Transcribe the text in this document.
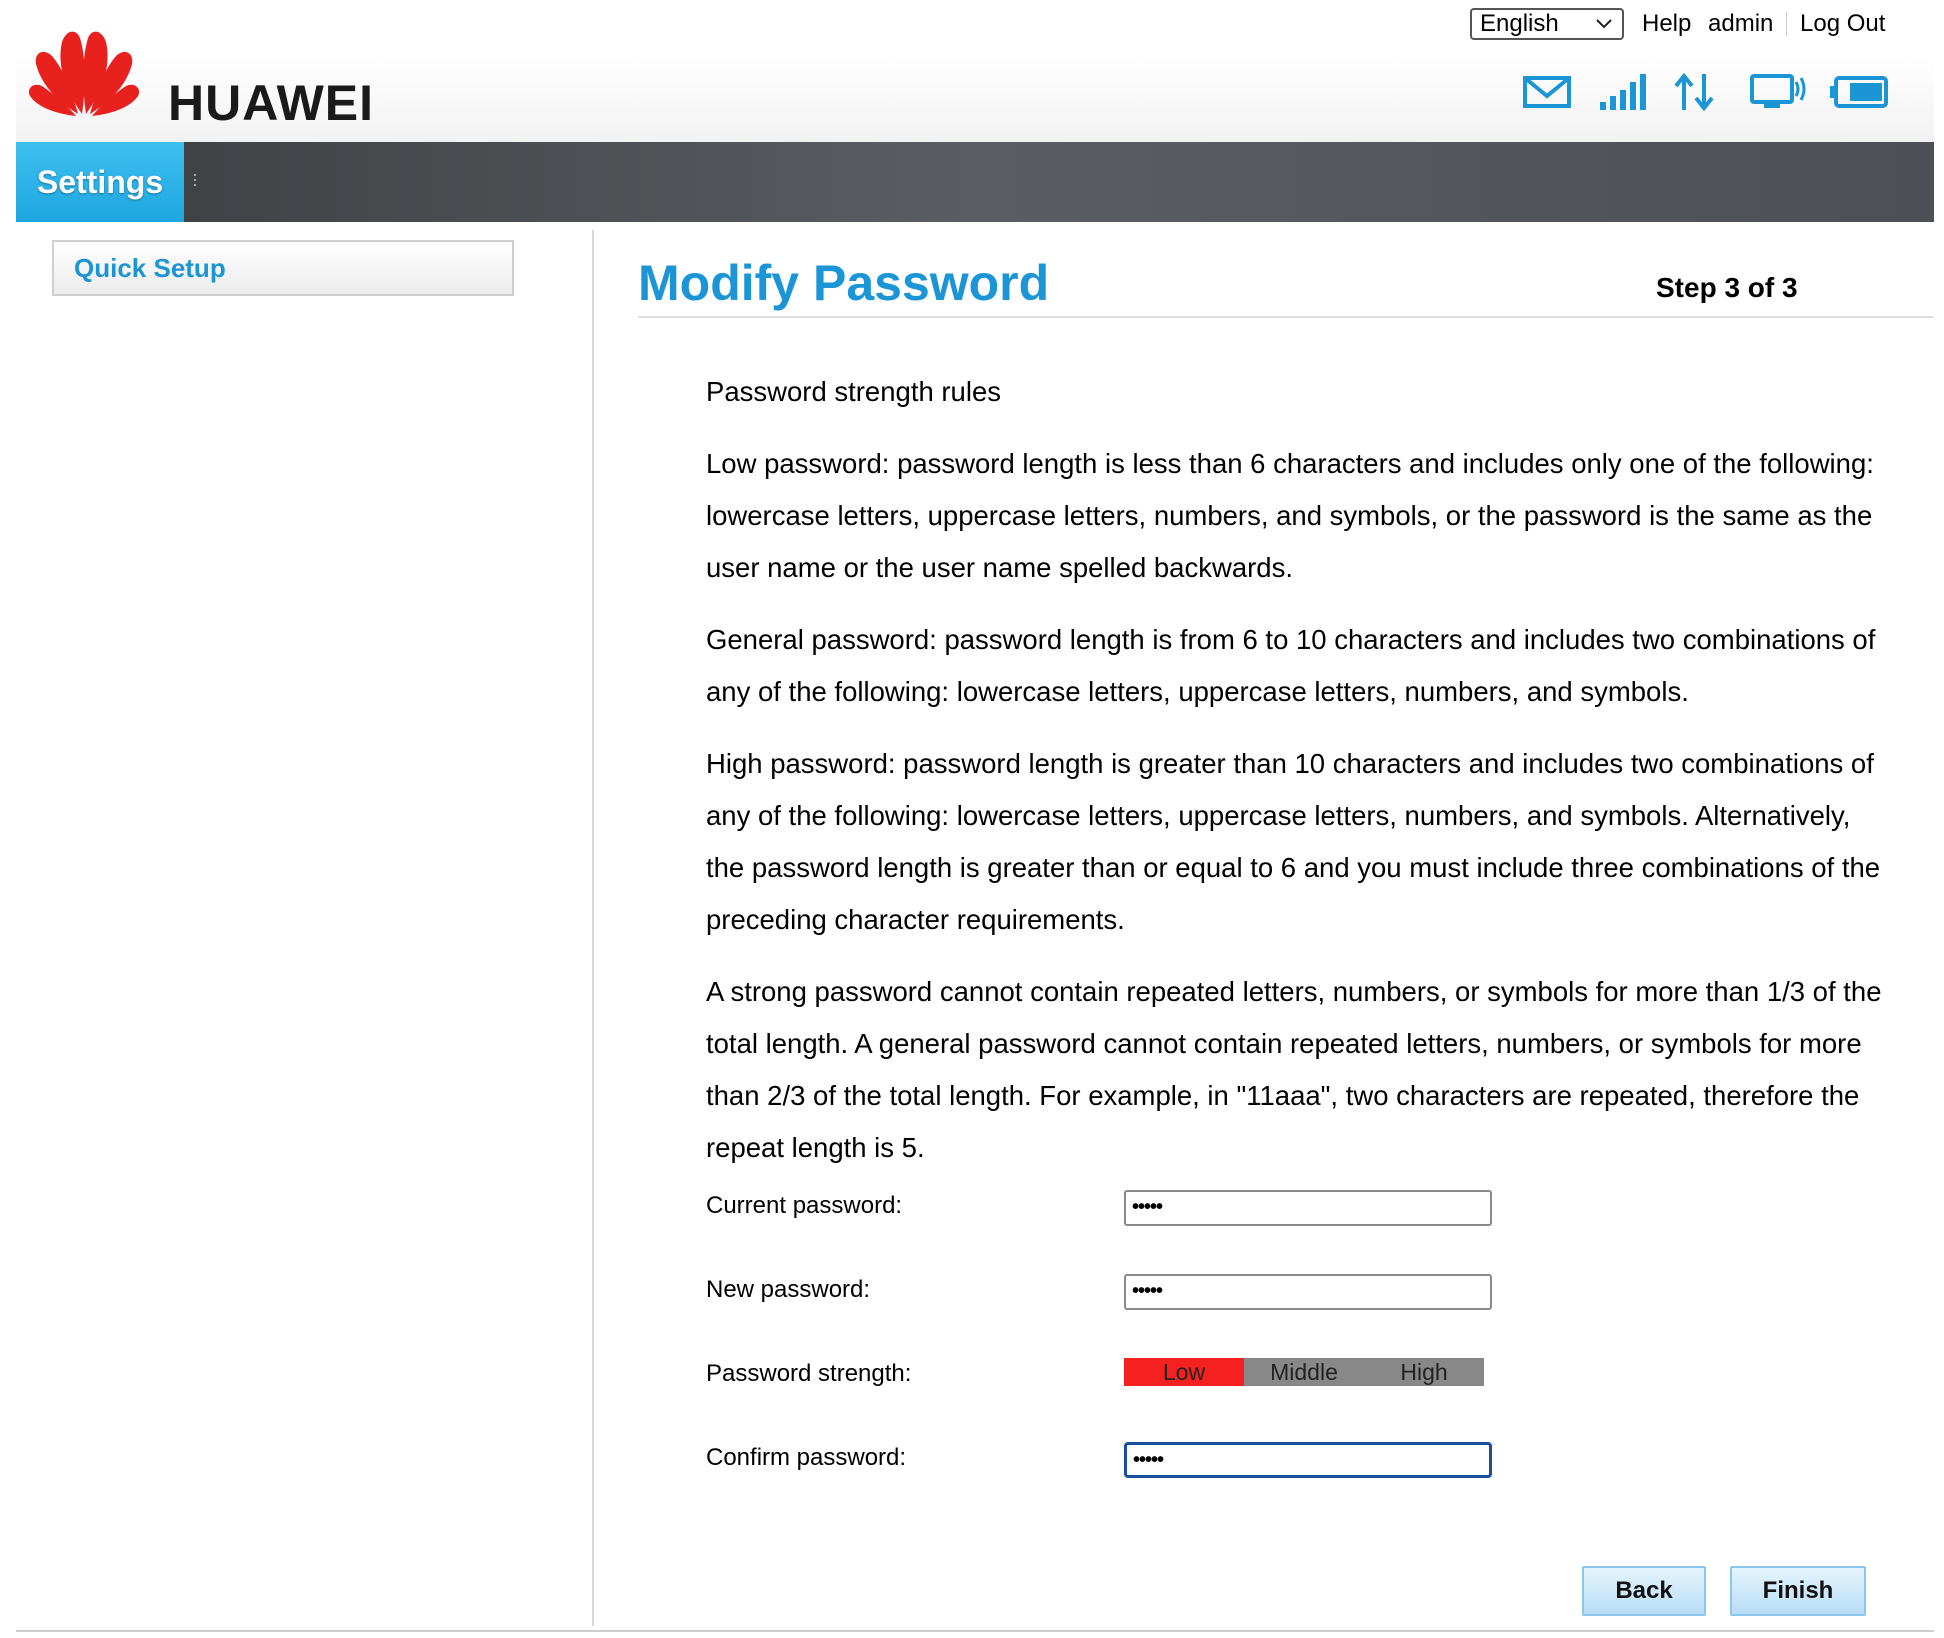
HUAWEI
English	Help admin Log Out
Settings
Quick Setup	Modify Password	Step 3 of 3

Password strength rules

Low password: password length is less than 6 characters and includes only one of the following: lowercase letters, uppercase letters, numbers, and symbols, or the password is the same as the user name or the user name spelled backwards.

General password: password length is from 6 to 10 characters and includes two combinations of any of the following: lowercase letters, uppercase letters, numbers, and symbols.

High password: password length is greater than 10 characters and includes two combinations of any of the following: lowercase letters, uppercase letters, numbers, and symbols. Alternatively, the password length is greater than or equal to 6 and you must include three combinations of the preceding character requirements.

A strong password cannot contain repeated letters, numbers, or symbols for more than 1/3 of the total length. A general password cannot contain repeated letters, numbers, or symbols for more than 2/3 of the total length. For example, in "11aaa", two characters are repeated, therefore the repeat length is 5.

Current password:	•••••
New password:	•••••
Password strength:	Low	Middle	High
Confirm password:	•••••
Back	Finish
